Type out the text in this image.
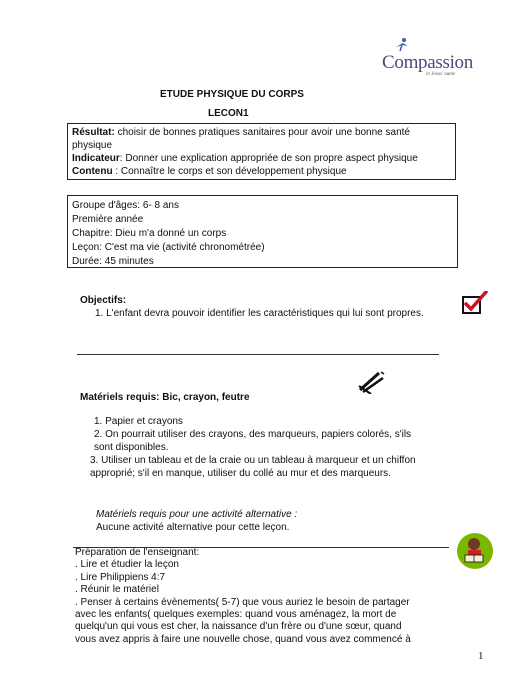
Compassion
in Jesus' name
ETUDE PHYSIQUE DU CORPS
LECON1
Résultat: choisir de bonnes pratiques sanitaires pour avoir une bonne santé
physique
Indicateur: Donner une explication appropriée de son propre aspect physique
Contenu : Connaître le corps et son développement physique
Groupe d'âges: 6- 8 ans
Première année
Chapitre: Dieu m'a donné un corps
Leçon: C'est ma vie (activité chronométrée)
Durée: 45 minutes
Objectifs:
1. L'enfant devra pouvoir identifier les caractéristiques qui lui sont propres.
Matériels requis: Bic, crayon, feutre
1. Papier et crayons
2. On pourrait utiliser des crayons, des marqueurs, papiers colorés, s'ils
sont disponibles.
3. Utiliser un tableau et de la craie ou un tableau à marqueur et un chiffon
approprié; s'il en manque, utiliser du collé au mur et des marqueurs.
Matériels requis pour une activité alternative :
Aucune activité alternative pour cette leçon.
Préparation de l'enseignant:
. Lire et étudier la leçon
. Lire Philippiens 4:7
. Réunir le matériel
. Penser à certains évènements( 5-7) que vous auriez le besoin de partager
avec les enfants( quelques exemples: quand vous aménagez, la mort de
quelqu'un qui vous est cher, la naissance d'un frère ou d'une sœur, quand
vous avez appris à faire une nouvelle chose, quand vous avez commencé à
1
